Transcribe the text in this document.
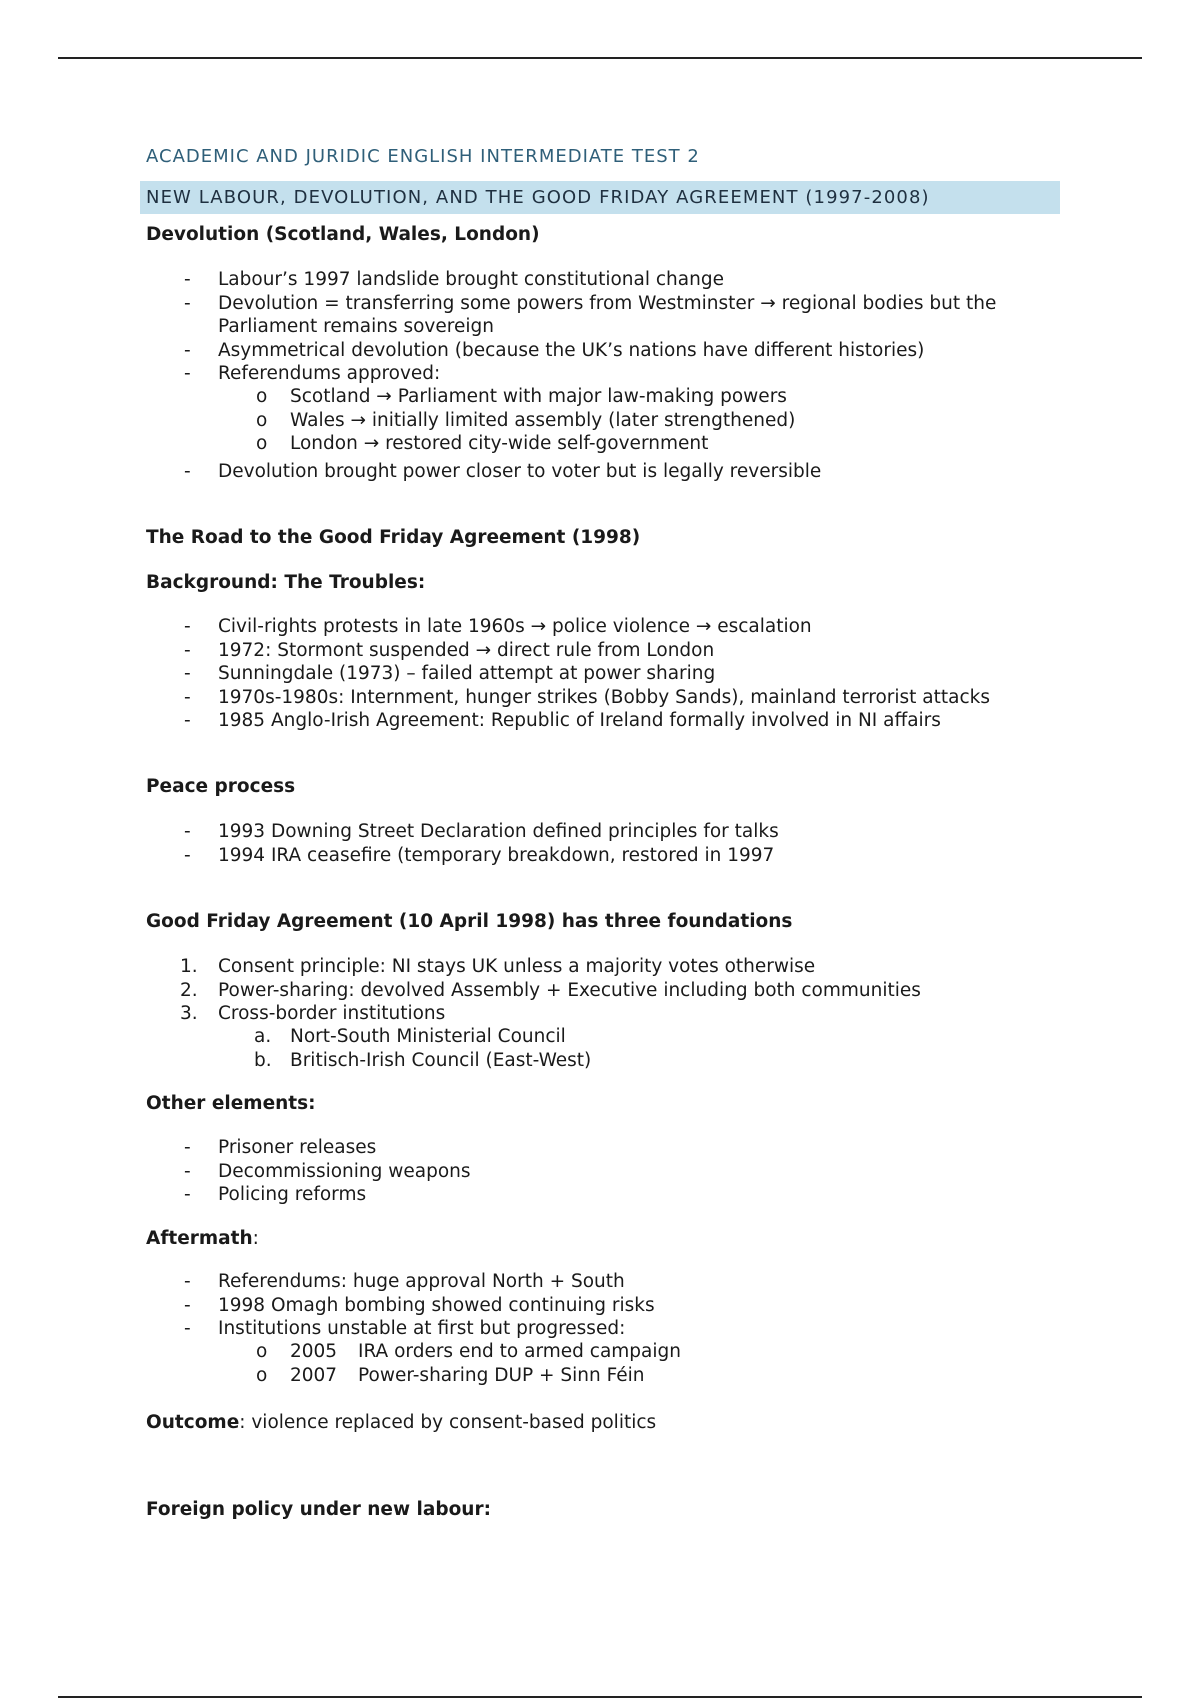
ACADEMIC AND JURIDIC ENGLISH INTERMEDIATE TEST 2

NEW LABOUR, DEVOLUTION, AND THE GOOD FRIDAY AGREEMENT (1997-2008)
Devolution (Scotland, Wales, London)
- Labour’s 1997 landslide brought constitutional change
- Devolution = transferring some powers from Westminster → regional bodies but the Parliament remains sovereign
- Asymmetrical devolution (because the UK’s nations have different histories)
- Referendums approved:
o Scotland → Parliament with major law-making powers
o Wales → initially limited assembly (later strengthened)
o London → restored city-wide self-government
- Devolution brought power closer to voter but is legally reversible
The Road to the Good Friday Agreement (1998)
Background: The Troubles:
- Civil-rights protests in late 1960s → police violence → escalation
- 1972: Stormont suspended → direct rule from London
- Sunningdale (1973) – failed attempt at power sharing
- 1970s-1980s: Internment, hunger strikes (Bobby Sands), mainland terrorist attacks
- 1985 Anglo-Irish Agreement: Republic of Ireland formally involved in NI affairs
Peace process
- 1993 Downing Street Declaration defined principles for talks
- 1994 IRA ceasefire (temporary breakdown, restored in 1997
Good Friday Agreement (10 April 1998) has three foundations
1. Consent principle: NI stays UK unless a majority votes otherwise
2. Power-sharing: devolved Assembly + Executive including both communities
3. Cross-border institutions
a. Nort-South Ministerial Council
b. Britisch-Irish Council (East-West)
Other elements:
- Prisoner releases
- Decommissioning weapons
- Policing reforms
Aftermath:
- Referendums: huge approval North + South
- 1998 Omagh bombing showed continuing risks
- Institutions unstable at first but progressed:
o 2005 IRA orders end to armed campaign
o 2007 Power-sharing DUP + Sinn Féin

Outcome: violence replaced by consent-based politics

Foreign policy under new labour:
